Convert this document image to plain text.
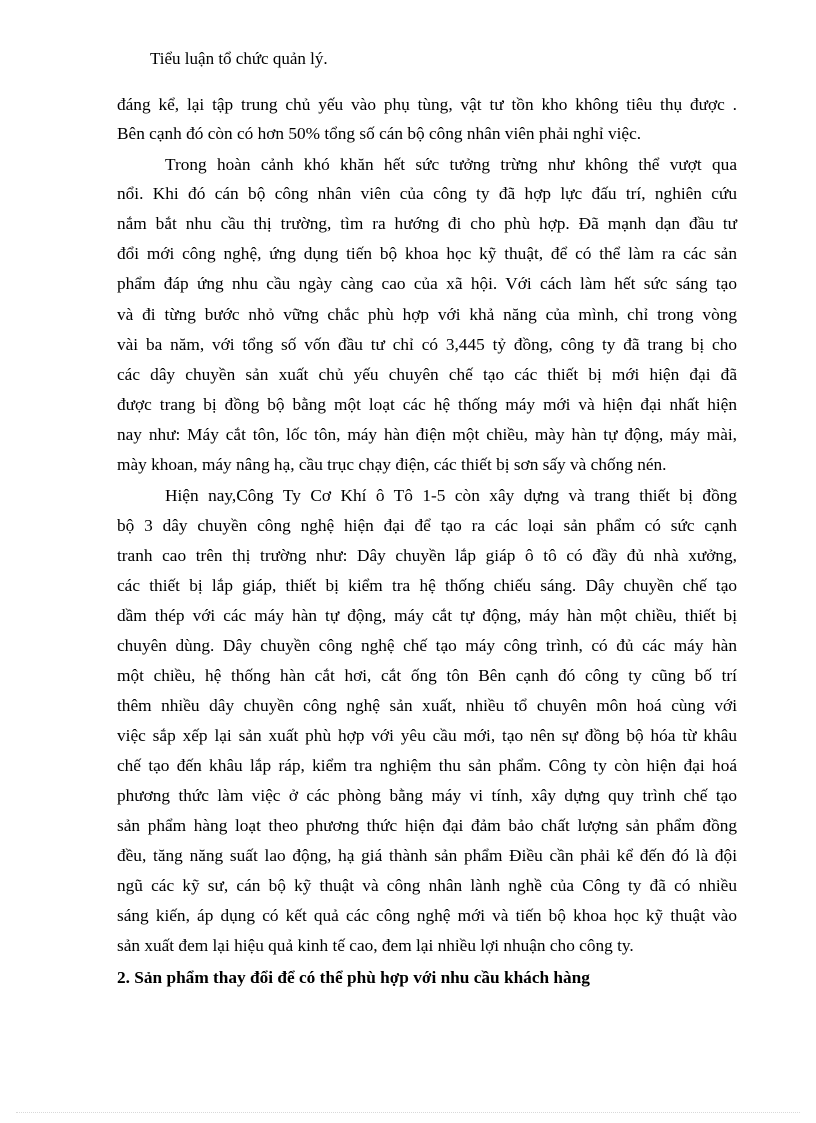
Tiểu luận tổ chức quản lý.
đáng kể, lại tập trung chủ yếu vào phụ tùng, vật tư tồn kho không tiêu thụ được .
Bên cạnh đó còn có hơn 50% tổng số cán bộ công nhân viên phải nghỉ việc.
Trong hoàn cảnh khó khăn hết sức tưởng trừng như không thể vượt qua
nổi. Khi đó cán bộ công nhân viên của công ty đã hợp lực đấu trí, nghiên cứu
nắm bắt nhu cầu thị trường, tìm ra hướng đi cho phù hợp. Đã mạnh dạn đầu tư
đổi mới công nghệ, ứng dụng tiến bộ khoa học kỹ thuật, để có thể làm ra các sản
phẩm đáp ứng nhu cầu ngày càng cao của xã hội. Với cách làm hết sức sáng tạo
và đi từng bước nhỏ vững chắc phù hợp với khả năng của mình, chỉ trong vòng
vài ba năm, với tổng số vốn đầu tư chỉ có 3,445 tỷ đồng, công ty đã trang bị cho
các dây chuyền sản xuất chủ yếu chuyên chế tạo các thiết bị mới hiện đại đã
được trang bị đồng bộ bằng một loạt các hệ thống máy mới và hiện đại nhất hiện
nay như: Máy cắt tôn, lốc tôn, máy hàn điện một chiều, mày hàn tự động, máy mài,
mày khoan, máy nâng hạ, cầu trục chạy điện, các thiết bị sơn sấy và chống nén.
Hiện nay,Công Ty Cơ Khí ô Tô 1-5 còn xây dựng và trang thiết bị đồng
bộ 3 dây chuyền công nghệ hiện đại để tạo ra các loại sản phẩm có sức cạnh
tranh cao trên thị trường như: Dây chuyền lắp giáp ô tô có đầy đủ nhà xưởng,
các thiết bị lắp giáp, thiết bị kiểm tra hệ thống chiếu sáng. Dây chuyền chế tạo
dầm thép với các máy hàn tự động, máy cắt tự động, máy hàn một chiều, thiết bị
chuyên dùng. Dây chuyền công nghệ chế tạo máy công trình, có đủ các máy hàn
một chiều, hệ thống hàn cắt hơi, cắt ống tôn Bên cạnh đó công ty cũng bố trí
thêm nhiều dây chuyền công nghệ sản xuất, nhiều tổ chuyên môn hoá cùng với
việc sắp xếp lại sản xuất phù hợp với yêu cầu mới, tạo nên sự đồng bộ hóa từ khâu
chế tạo đến khâu lắp ráp, kiểm tra nghiệm thu sản phẩm. Công ty còn hiện đại hoá
phương thức làm việc ở các phòng bằng máy vi tính, xây dựng quy trình chế tạo
sản phẩm hàng loạt theo phương thức hiện đại đảm bảo chất lượng sản phẩm đồng
đều, tăng năng suất lao động, hạ giá thành sản phẩm Điều cần phải kể đến đó là đội
ngũ các kỹ sư, cán bộ kỹ thuật và công nhân lành nghề của Công ty đã có nhiều
sáng kiến, áp dụng có kết quả các công nghệ mới và tiến bộ khoa học kỹ thuật vào
sản xuất đem lại hiệu quả kinh tế cao, đem lại nhiều lợi nhuận cho công ty.
2. Sản phẩm thay đổi để có thể phù hợp với nhu cầu khách hàng
